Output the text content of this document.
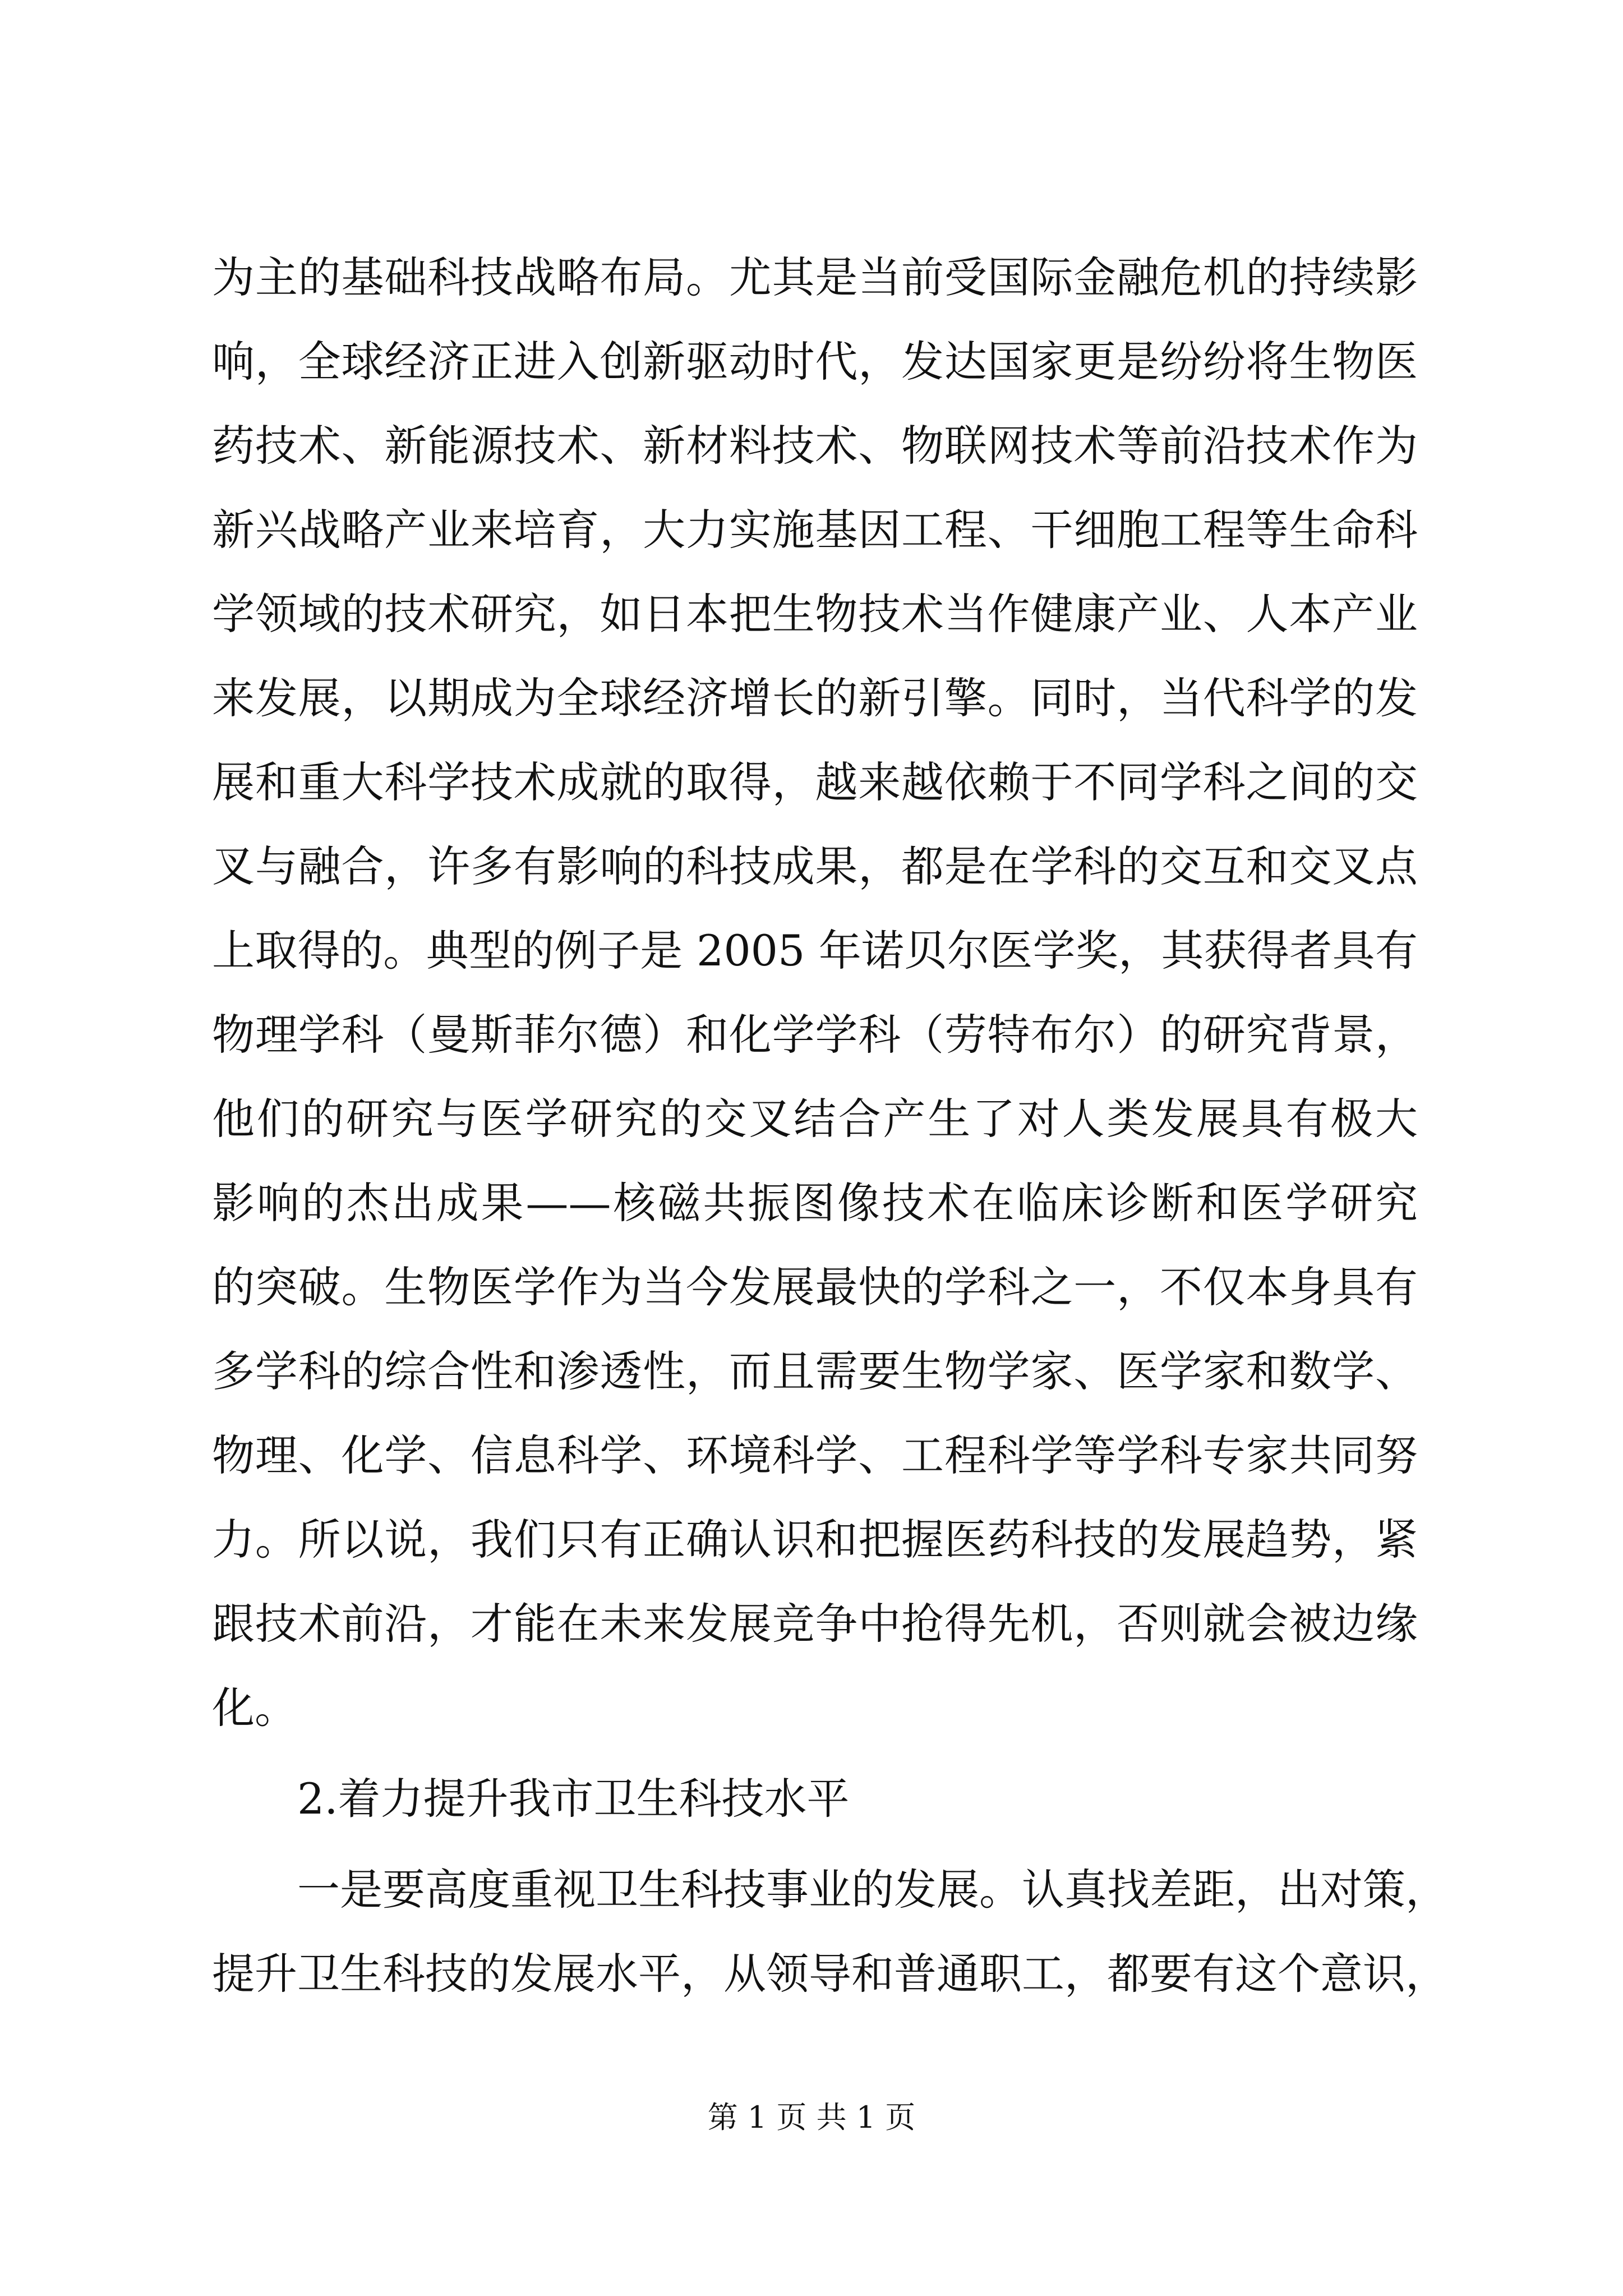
为主的基础科技战略布局。尤其是当前受国际金融危机的持续影
响，全球经济正进入创新驱动时代，发达国家更是纷纷将生物医
药技术、新能源技术、新材料技术、物联网技术等前沿技术作为
新兴战略产业来培育，大力实施基因工程、干细胞工程等生命科
学领域的技术研究，如日本把生物技术当作健康产业、人本产业
来发展，以期成为全球经济增长的新引擎。同时，当代科学的发
展和重大科学技术成就的取得，越来越依赖于不同学科之间的交
叉与融合，许多有影响的科技成果，都是在学科的交互和交叉点
上取得的。典型的例子是 2005 年诺贝尔医学奖，其获得者具有
物理学科（曼斯菲尔德）和化学学科（劳特布尔）的研究背景，
他们的研究与医学研究的交叉结合产生了对人类发展具有极大
影响的杰出成果——核磁共振图像技术在临床诊断和医学研究
的突破。生物医学作为当今发展最快的学科之一，不仅本身具有
多学科的综合性和渗透性，而且需要生物学家、医学家和数学、
物理、化学、信息科学、环境科学、工程科学等学科专家共同努
力。所以说，我们只有正确认识和把握医药科技的发展趋势，紧
跟技术前沿，才能在未来发展竞争中抢得先机，否则就会被边缘
化。
2.着力提升我市卫生科技水平
一是要高度重视卫生科技事业的发展。认真找差距，出对策，
提升卫生科技的发展水平，从领导和普通职工，都要有这个意识，
第 1 页 共 1 页
